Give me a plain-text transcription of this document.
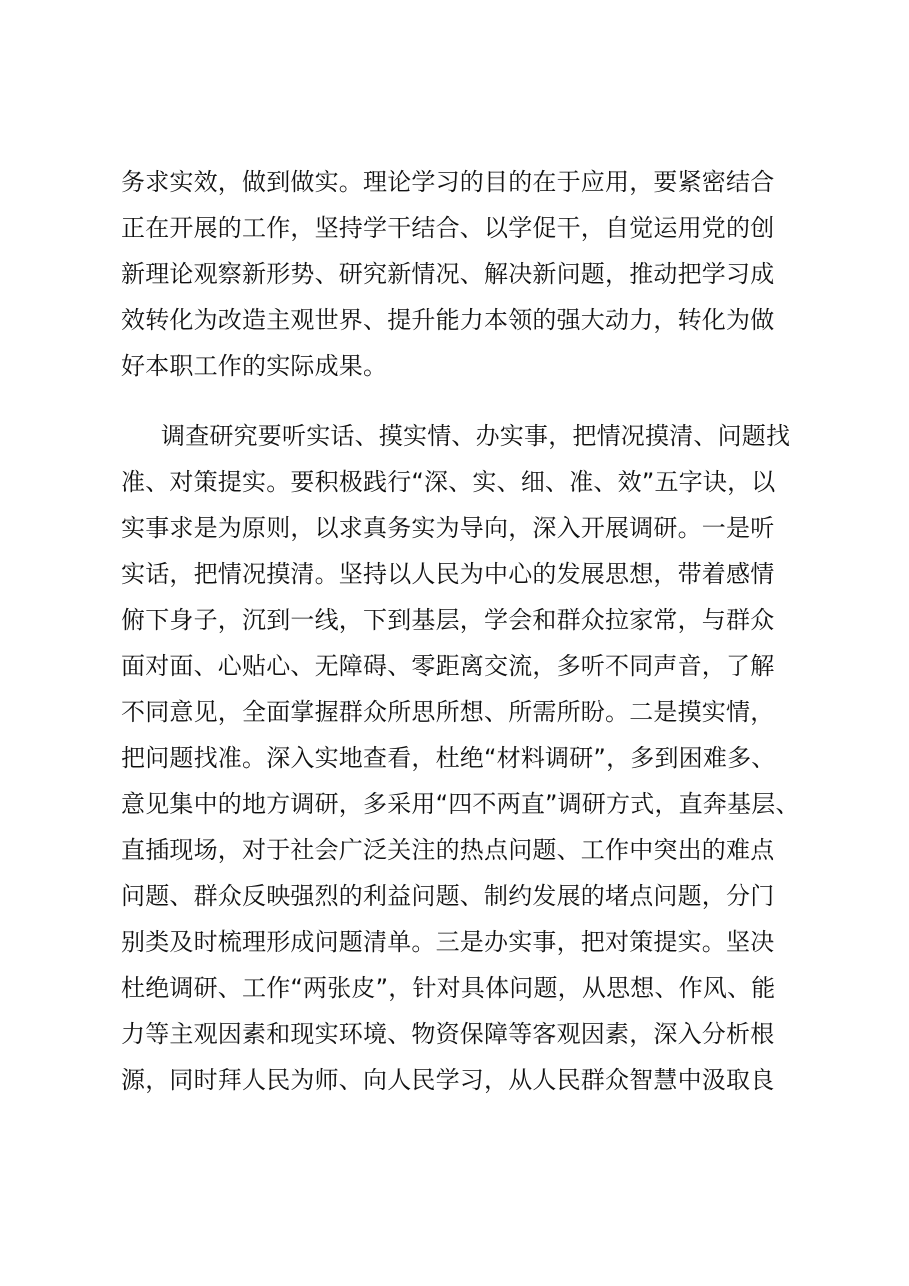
务求实效，做到做实。理论学习的目的在于应用，要紧密结合
正在开展的工作，坚持学干结合、以学促干，自觉运用党的创
新理论观察新形势、研究新情况、解决新问题，推动把学习成
效转化为改造主观世界、提升能力本领的强大动力，转化为做
好本职工作的实际成果。
调查研究要听实话、摸实情、办实事，把情况摸清、问题找
准、对策提实。要积极践行“深、实、细、准、效”五字诀，以
实事求是为原则，以求真务实为导向，深入开展调研。一是听
实话，把情况摸清。坚持以人民为中心的发展思想，带着感情
俯下身子，沉到一线，下到基层，学会和群众拉家常，与群众
面对面、心贴心、无障碍、零距离交流，多听不同声音，了解
不同意见，全面掌握群众所思所想、所需所盼。二是摸实情，
把问题找准。深入实地查看，杜绝“材料调研”，多到困难多、
意见集中的地方调研，多采用“四不两直”调研方式，直奔基层、
直插现场，对于社会广泛关注的热点问题、工作中突出的难点
问题、群众反映强烈的利益问题、制约发展的堵点问题，分门
别类及时梳理形成问题清单。三是办实事，把对策提实。坚决
杜绝调研、工作“两张皮”，针对具体问题，从思想、作风、能
力等主观因素和现实环境、物资保障等客观因素，深入分析根
源，同时拜人民为师、向人民学习，从人民群众智慧中汲取良
